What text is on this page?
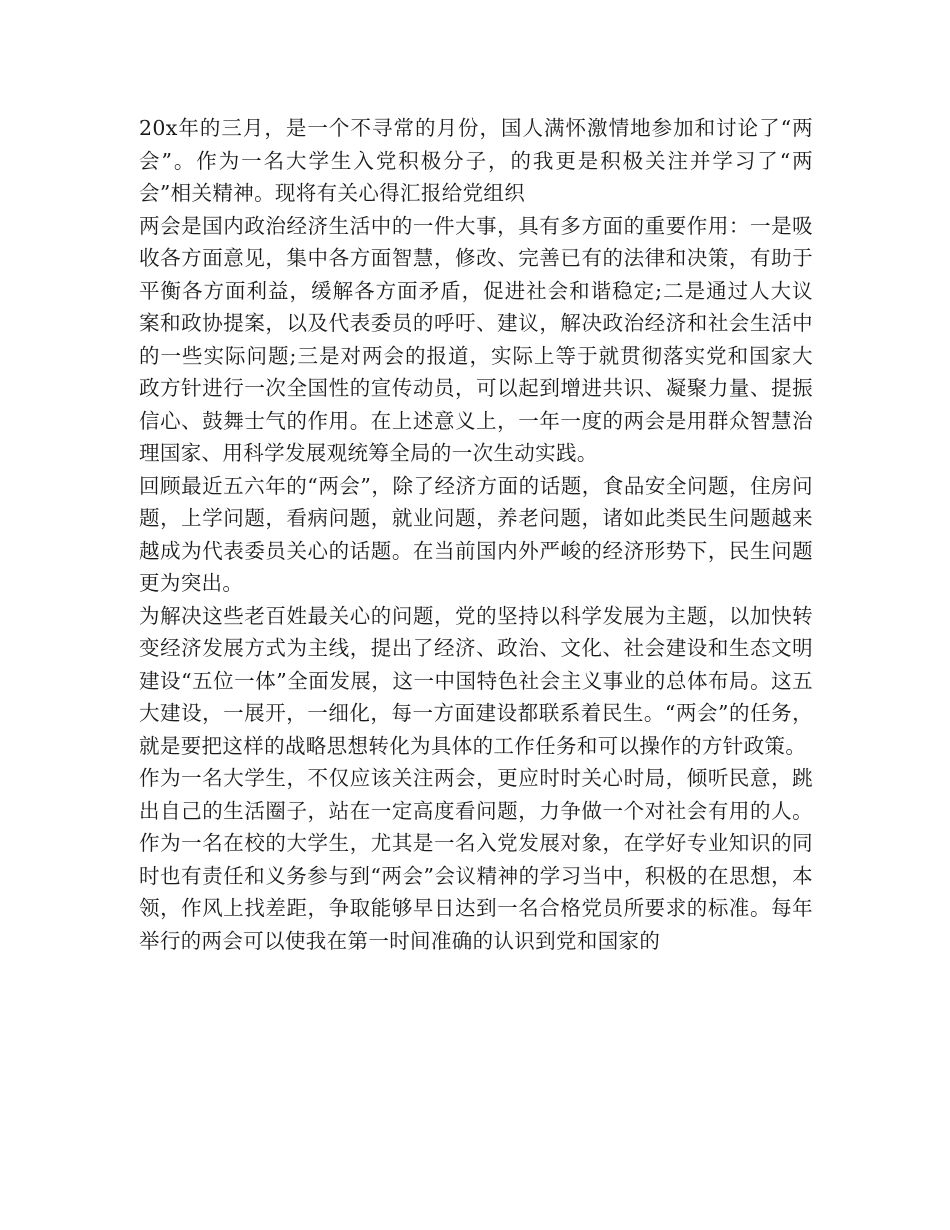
20x年的三月，是一个不寻常的月份，国人满怀激情地参加和讨论了“两会”。作为一名大学生入党积极分子，的我更是积极关注并学习了“两会”相关精神。现将有关心得汇报给党组织

两会是国内政治经济生活中的一件大事，具有多方面的重要作用：一是吸收各方面意见，集中各方面智慧，修改、完善已有的法律和决策，有助于平衡各方面利益，缓解各方面矛盾，促进社会和谐稳定;二是通过人大议案和政协提案，以及代表委员的呼吁、建议，解决政治经济和社会生活中的一些实际问题;三是对两会的报道，实际上等于就贯彻落实党和国家大政方针进行一次全国性的宣传动员，可以起到增进共识、凝聚力量、提振信心、鼓舞士气的作用。在上述意义上，一年一度的两会是用群众智慧治理国家、用科学发展观统筹全局的一次生动实践。

回顾最近五六年的“两会”，除了经济方面的话题，食品安全问题，住房问题，上学问题，看病问题，就业问题，养老问题，诸如此类民生问题越来越成为代表委员关心的话题。在当前国内外严峻的经济形势下，民生问题更为突出。

为解决这些老百姓最关心的问题，党的坚持以科学发展为主题，以加快转变经济发展方式为主线，提出了经济、政治、文化、社会建设和生态文明建设“五位一体”全面发展，这一中国特色社会主义事业的总体布局。这五大建设，一展开，一细化，每一方面建设都联系着民生。“两会”的任务，就是要把这样的战略思想转化为具体的工作任务和可以操作的方针政策。

作为一名大学生，不仅应该关注两会，更应时时关心时局，倾听民意，跳出自己的生活圈子，站在一定高度看问题，力争做一个对社会有用的人。作为一名在校的大学生，尤其是一名入党发展对象，在学好专业知识的同时也有责任和义务参与到“两会”会议精神的学习当中，积极的在思想，本领，作风上找差距，争取能够早日达到一名合格党员所要求的标准。每年举行的两会可以使我在第一时间准确的认识到党和国家的
